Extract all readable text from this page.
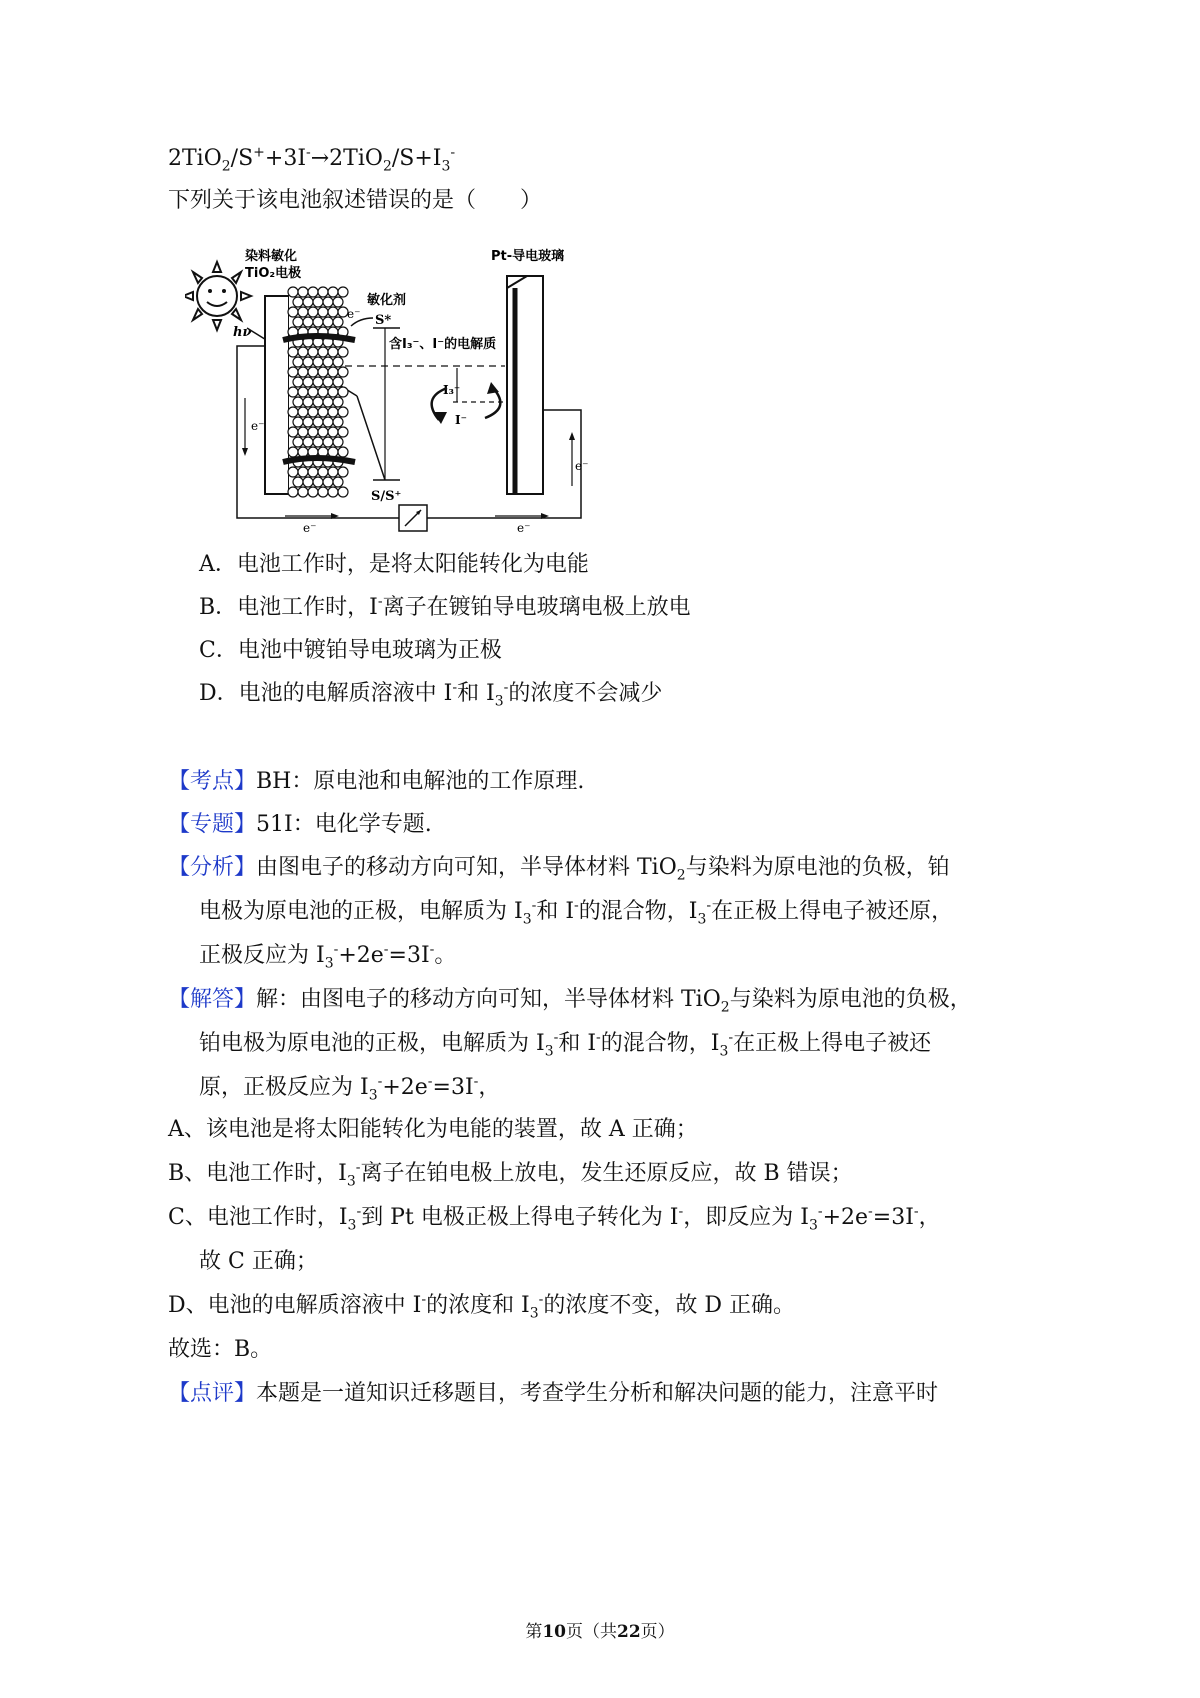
$2TiO_2/S^++3I^-\to 2TiO_2/S+I_3^-$
下列关于该电池叙述错误的是（　　）
hν
染料敏化
TiO₂电极
敏化剂
S*
e⁻
S/S⁺
含I₃⁻、I⁻的电解质
I₃⁻
I⁻
Pt-导电玻璃
e⁻
e⁻	e⁻
e⁻
A．电池工作时，是将太阳能转化为电能
B．电池工作时，I-离子在镀铂导电玻璃电极上放电
C．电池中镀铂导电玻璃为正极
D．电池的电解质溶液中 I-和 $I_3^-$的浓度不会减少
【考点】BH：原电池和电解池的工作原理.
【专题】51I：电化学专题.
【分析】由图电子的移动方向可知，半导体材料 TiO$_2$与染料为原电池的负极，铂
电极为原电池的正极，电解质为 $I_3^-$和 I-的混合物，$I_3^-$在正极上得电子被还原，
正极反应为 $I_3^-+2e^-=3I^-$。
【解答】解：由图电子的移动方向可知，半导体材料 TiO$_2$与染料为原电池的负极，
铂电极为原电池的正极，电解质为 $I_3^-$和 I-的混合物，$I_3^-$在正极上得电子被还
原，正极反应为 $I_3^-+2e^-=3I^-$，
A、该电池是将太阳能转化为电能的装置，故 A 正确；
B、电池工作时，$I_3^-$离子在铂电极上放电，发生还原反应，故 B 错误；
C、电池工作时，$I_3^-$到 Pt 电极正极上得电子转化为 I-，即反应为 $I_3^-+2e^-=3I^-$，
故 C 正确；
D、电池的电解质溶液中 I-的浓度和 $I_3^-$的浓度不变，故 D 正确。
故选：B。
【点评】本题是一道知识迁移题目，考查学生分析和解决问题的能力，注意平时
第10页（共22页）
